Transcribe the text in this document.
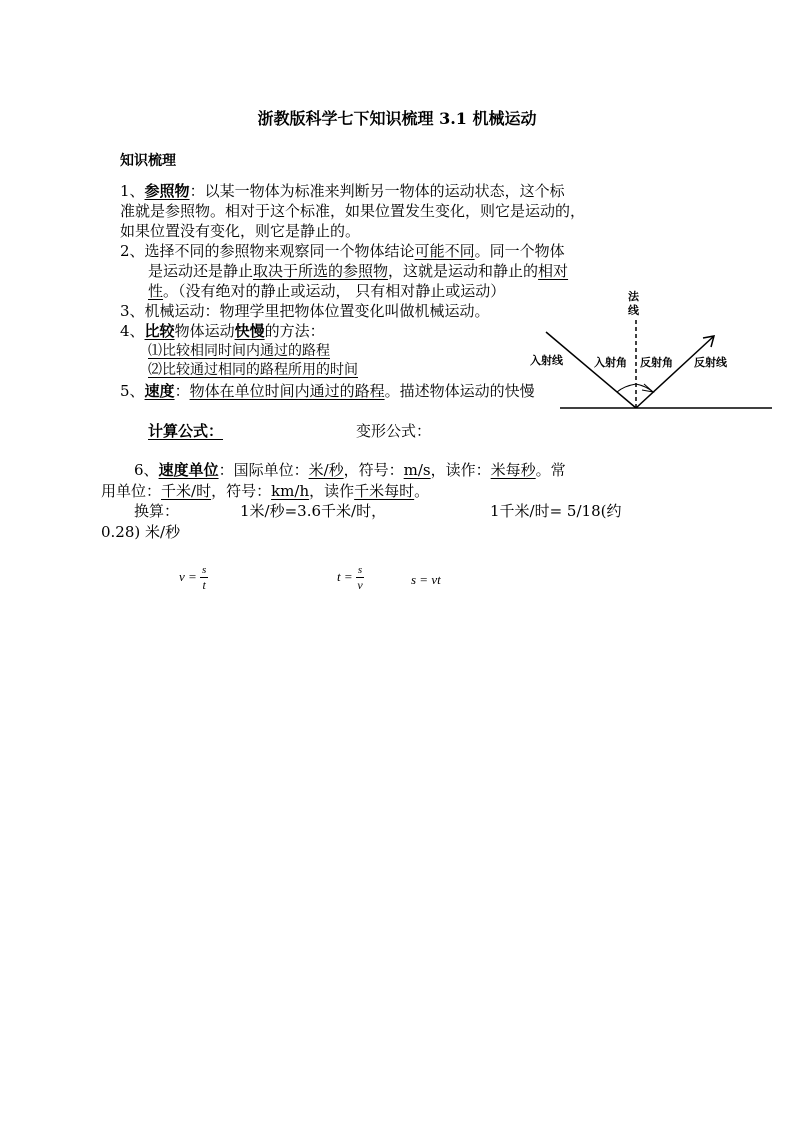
浙教版科学七下知识梳理 3.1 机械运动
知识梳理
1、参照物：以某一物体为标准来判断另一物体的运动状态，这个标
准就是参照物。相对于这个标准，如果位置发生变化，则它是运动的，
如果位置没有变化，则它是静止的。
2、选择不同的参照物来观察同一个物体结论可能不同。同一个物体
是运动还是静止取决于所选的参照物，这就是运动和静止的相对
性。（没有绝对的静止或运动， 只有相对静止或运动）
3、机械运动：物理学里把物体位置变化叫做机械运动。
4、比较物体运动快慢的方法：
⑴比较相同时间内通过的路程
⑵比较通过相同的路程所用的时间
5、速度：物体在单位时间内通过的路程。描述物体运动的快慢
计算公式：	变形公式：
6、速度单位：国际单位：米/秒，符号：m/s，读作：米每秒。常
用单位：千米/时，符号：km/h，读作千米每时。
换算：	1米/秒=3.6千米/时，	1千米/时= 5/18(约
0.28) 米/秒
$v = \frac{s}{t}$	$t = \frac{s}{v}$	s = vt
法
线
入射线	入射角 反射角 反射线
